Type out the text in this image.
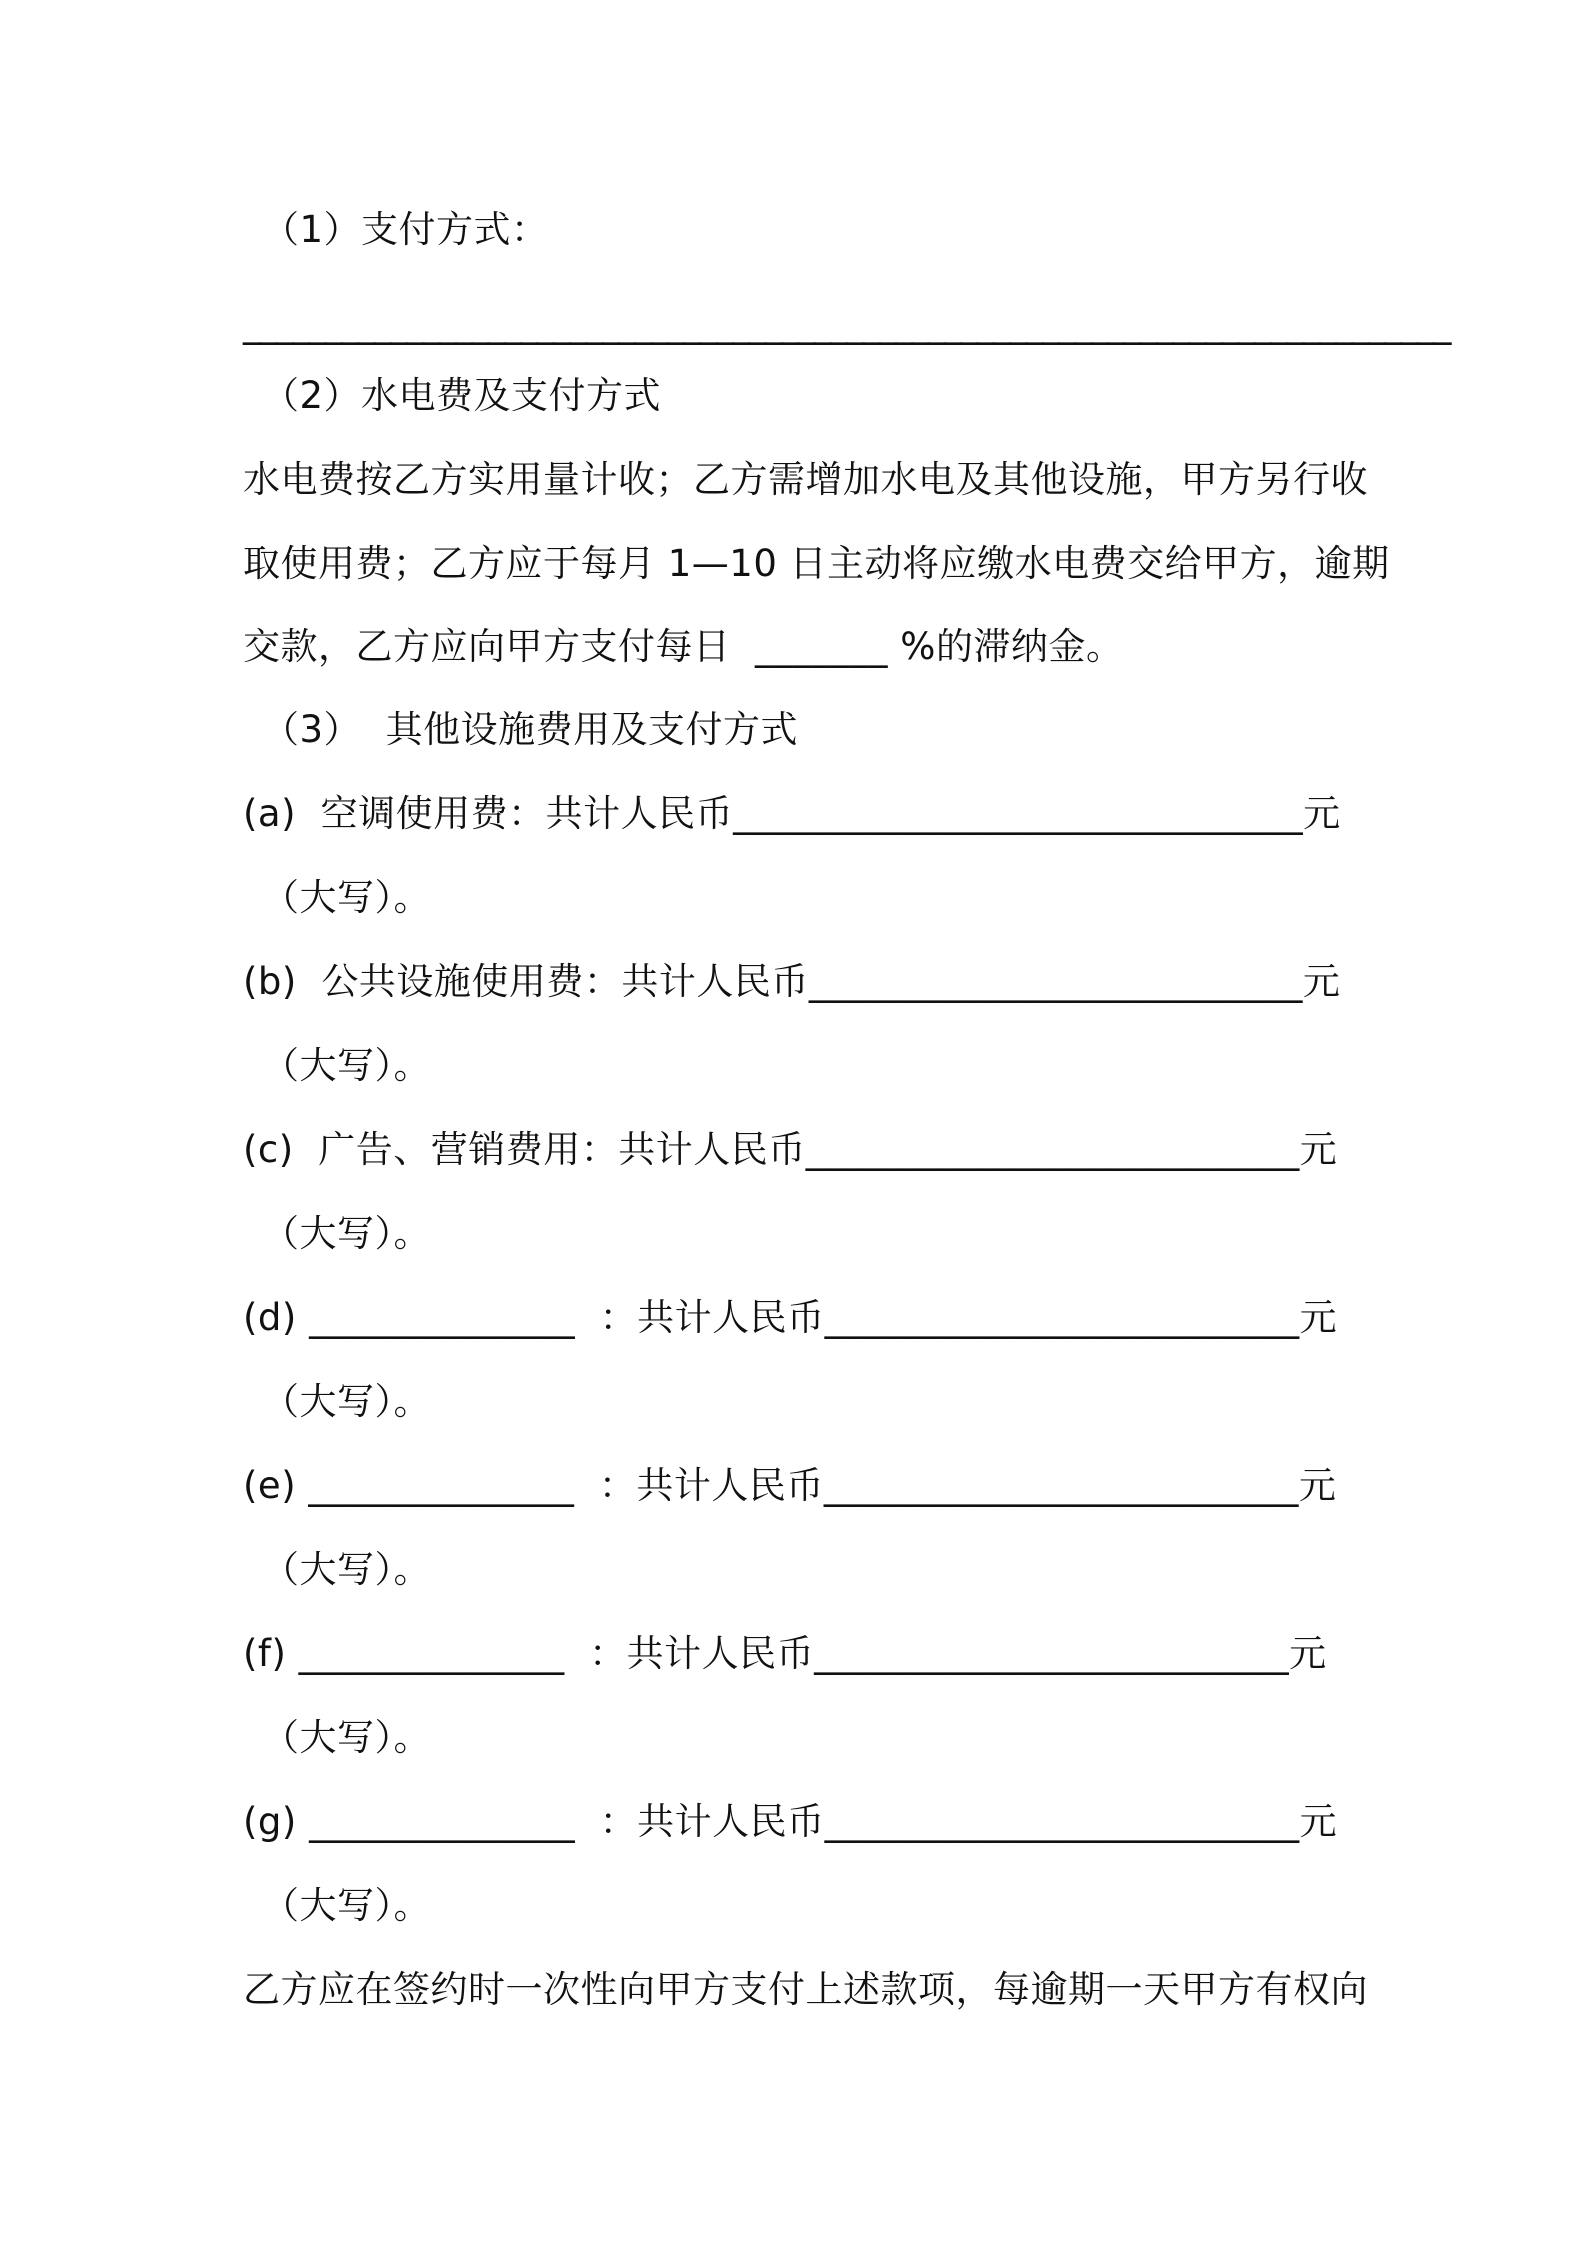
（1）支付方式：
__________________________________________________________________________
（2）水电费及支付方式
水电费按乙方实用量计收；乙方需增加水电及其他设施，甲方另行收
取使用费；乙方应于每月 1—10 日主动将应缴水电费交给甲方，逾期
交款，乙方应向甲方支付每日  _______ %的滞纳金。
（3）  其他设施费用及支付方式
(a)  空调使用费：共计人民币______________________________元
（大写）。
(b)  公共设施使用费：共计人民币__________________________元
（大写）。
(c)  广告、营销费用：共计人民币__________________________元
（大写）。
(d) ______________  ：共计人民币_________________________元
（大写）。
(e) ______________  ：共计人民币_________________________元
（大写）。
(f) ______________  ：共计人民币_________________________元
（大写）。
(g) ______________  ：共计人民币_________________________元
（大写）。
乙方应在签约时一次性向甲方支付上述款项，每逾期一天甲方有权向
